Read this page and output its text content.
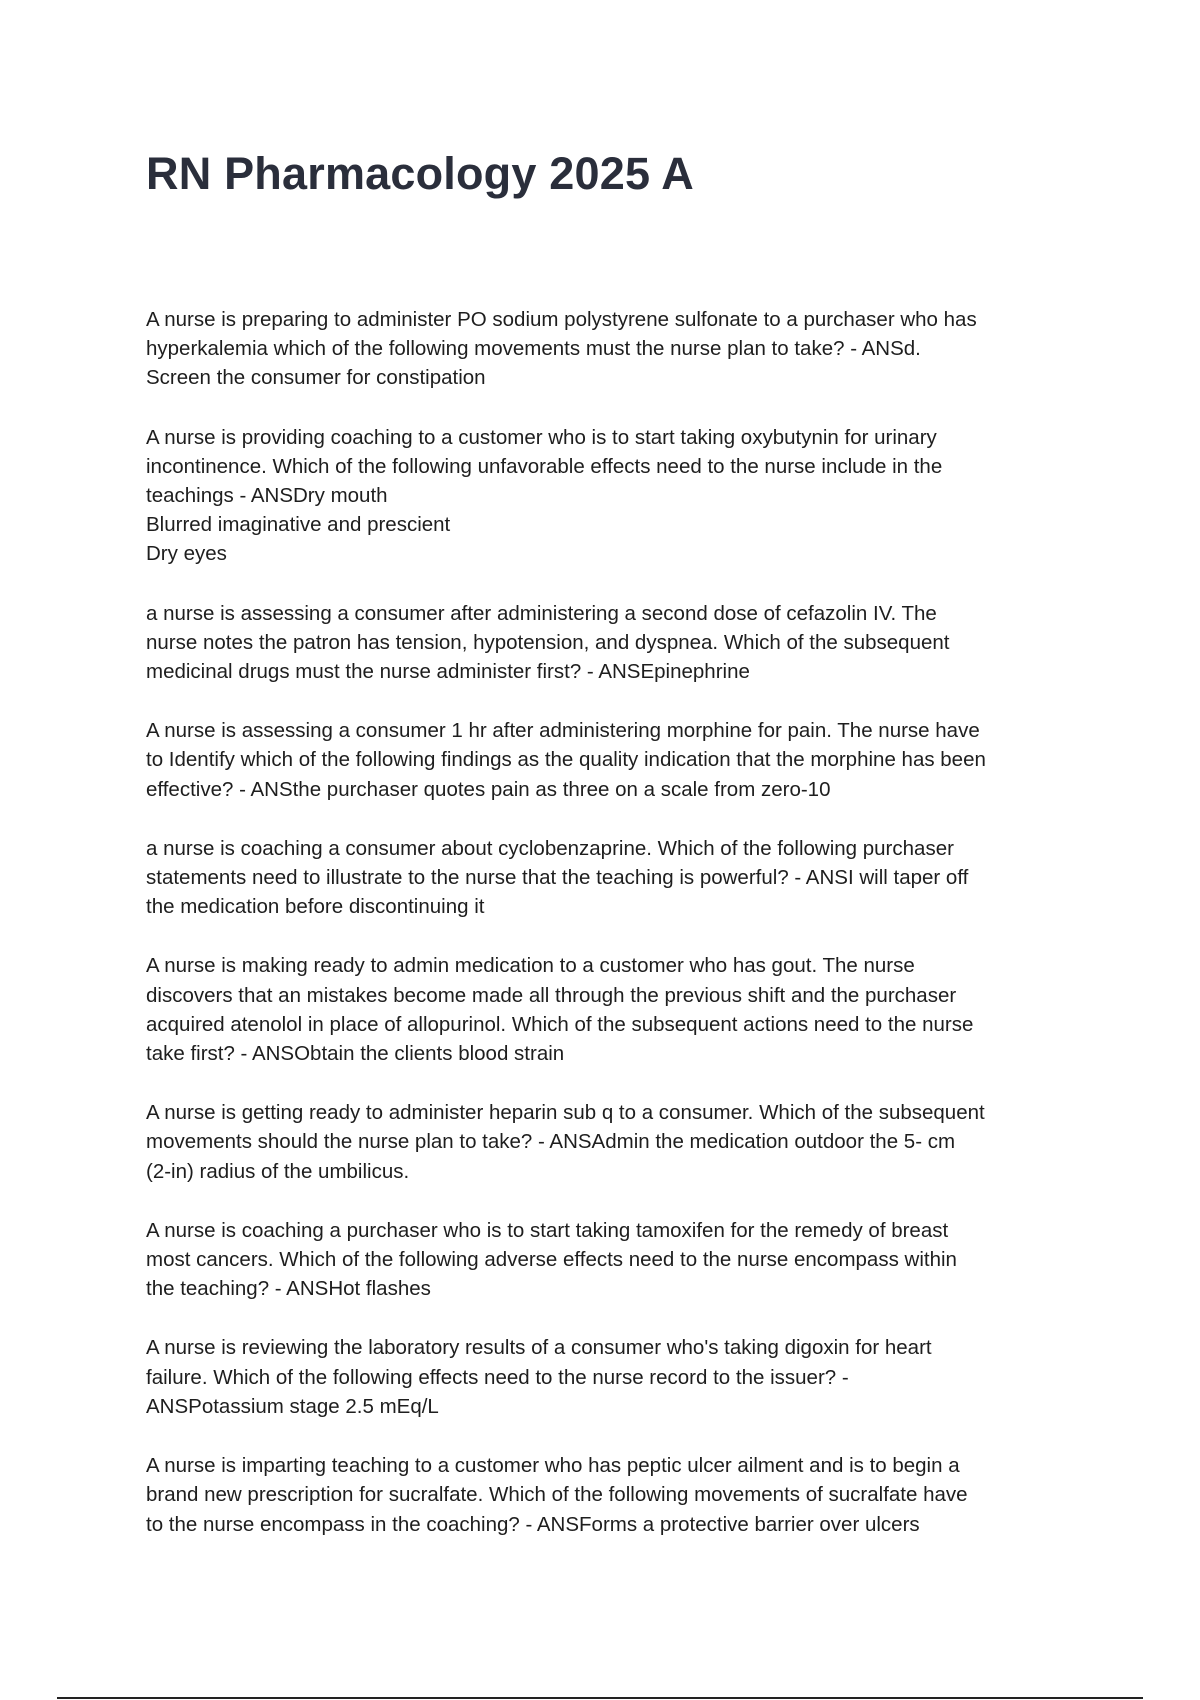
RN Pharmacology 2025 A

A nurse is preparing to administer PO sodium polystyrene sulfonate to a purchaser who has
hyperkalemia which of the following movements must the nurse plan to take? - ANSd.
Screen the consumer for constipation

A nurse is providing coaching to a customer who is to start taking oxybutynin for urinary
incontinence. Which of the following unfavorable effects need to the nurse include in the
teachings - ANSDry mouth
Blurred imaginative and prescient
Dry eyes

a nurse is assessing a consumer after administering a second dose of cefazolin IV. The
nurse notes the patron has tension, hypotension, and dyspnea. Which of the subsequent
medicinal drugs must the nurse administer first? - ANSEpinephrine

A nurse is assessing a consumer 1 hr after administering morphine for pain. The nurse have
to Identify which of the following findings as the quality indication that the morphine has been
effective? - ANSthe purchaser quotes pain as three on a scale from zero-10

a nurse is coaching a consumer about cyclobenzaprine. Which of the following purchaser
statements need to illustrate to the nurse that the teaching is powerful? - ANSI will taper off
the medication before discontinuing it

A nurse is making ready to admin medication to a customer who has gout. The nurse
discovers that an mistakes become made all through the previous shift and the purchaser
acquired atenolol in place of allopurinol. Which of the subsequent actions need to the nurse
take first? - ANSObtain the clients blood strain

A nurse is getting ready to administer heparin sub q to a consumer. Which of the subsequent
movements should the nurse plan to take? - ANSAdmin the medication outdoor the 5- cm
(2-in) radius of the umbilicus.

A nurse is coaching a purchaser who is to start taking tamoxifen for the remedy of breast
most cancers. Which of the following adverse effects need to the nurse encompass within
the teaching? - ANSHot flashes

A nurse is reviewing the laboratory results of a consumer who's taking digoxin for heart
failure. Which of the following effects need to the nurse record to the issuer? -
ANSPotassium stage 2.5 mEq/L

A nurse is imparting teaching to a customer who has peptic ulcer ailment and is to begin a
brand new prescription for sucralfate. Which of the following movements of sucralfate have
to the nurse encompass in the coaching? - ANSForms a protective barrier over ulcers
